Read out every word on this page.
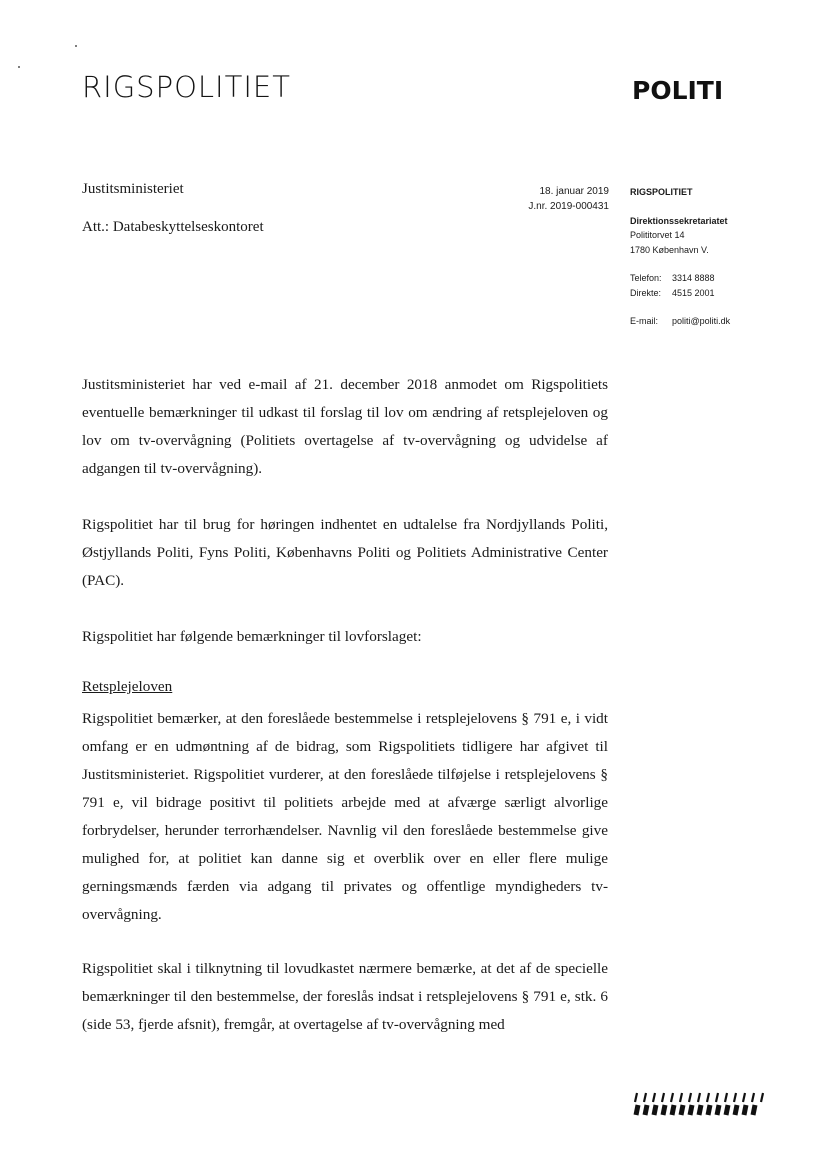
RIGSPOLITIET	POLITI
Justitsministeriet
Att.: Databeskyttelseskontoret
18. januar 2019
J.nr. 2019-000431
RIGSPOLITIET
Direktionssekretariatet
Polititorvet 14
1780 København V.
Telefon:	3314 8888
Direkte:	4515 2001
E-mail:	politi@politi.dk
Justitsministeriet har ved e-mail af 21. december 2018 anmodet om Rigspolitiets eventuelle bemærkninger til udkast til forslag til lov om ændring af retsplejeloven og lov om tv-overvågning (Politiets overtagelse af tv-overvågning og udvidelse af adgangen til tv-overvågning).
Rigspolitiet har til brug for høringen indhentet en udtalelse fra Nordjyllands Politi, Østjyllands Politi, Fyns Politi, Københavns Politi og Politiets Administrative Center (PAC).
Rigspolitiet har følgende bemærkninger til lovforslaget:
Retsplejeloven
Rigspolitiet bemærker, at den foreslåede bestemmelse i retsplejelovens § 791 e, i vidt omfang er en udmøntning af de bidrag, som Rigspolitiets tidligere har afgivet til Justitsministeriet. Rigspolitiet vurderer, at den foreslåede tilføjelse i retsplejelovens § 791 e, vil bidrage positivt til politiets arbejde med at afværge særligt alvorlige forbrydelser, herunder terrorhændelser. Navnlig vil den foreslåede bestemmelse give mulighed for, at politiet kan danne sig et overblik over en eller flere mulige gerningsmænds færden via adgang til privates og offentlige myndigheders tv-overvågning.
Rigspolitiet skal i tilknytning til lovudkastet nærmere bemærke, at det af de specielle bemærkninger til den bestemmelse, der foreslås indsat i retsplejelovens § 791 e, stk. 6 (side 53, fjerde afsnit), fremgår, at overtagelse af tv-overvågning med
